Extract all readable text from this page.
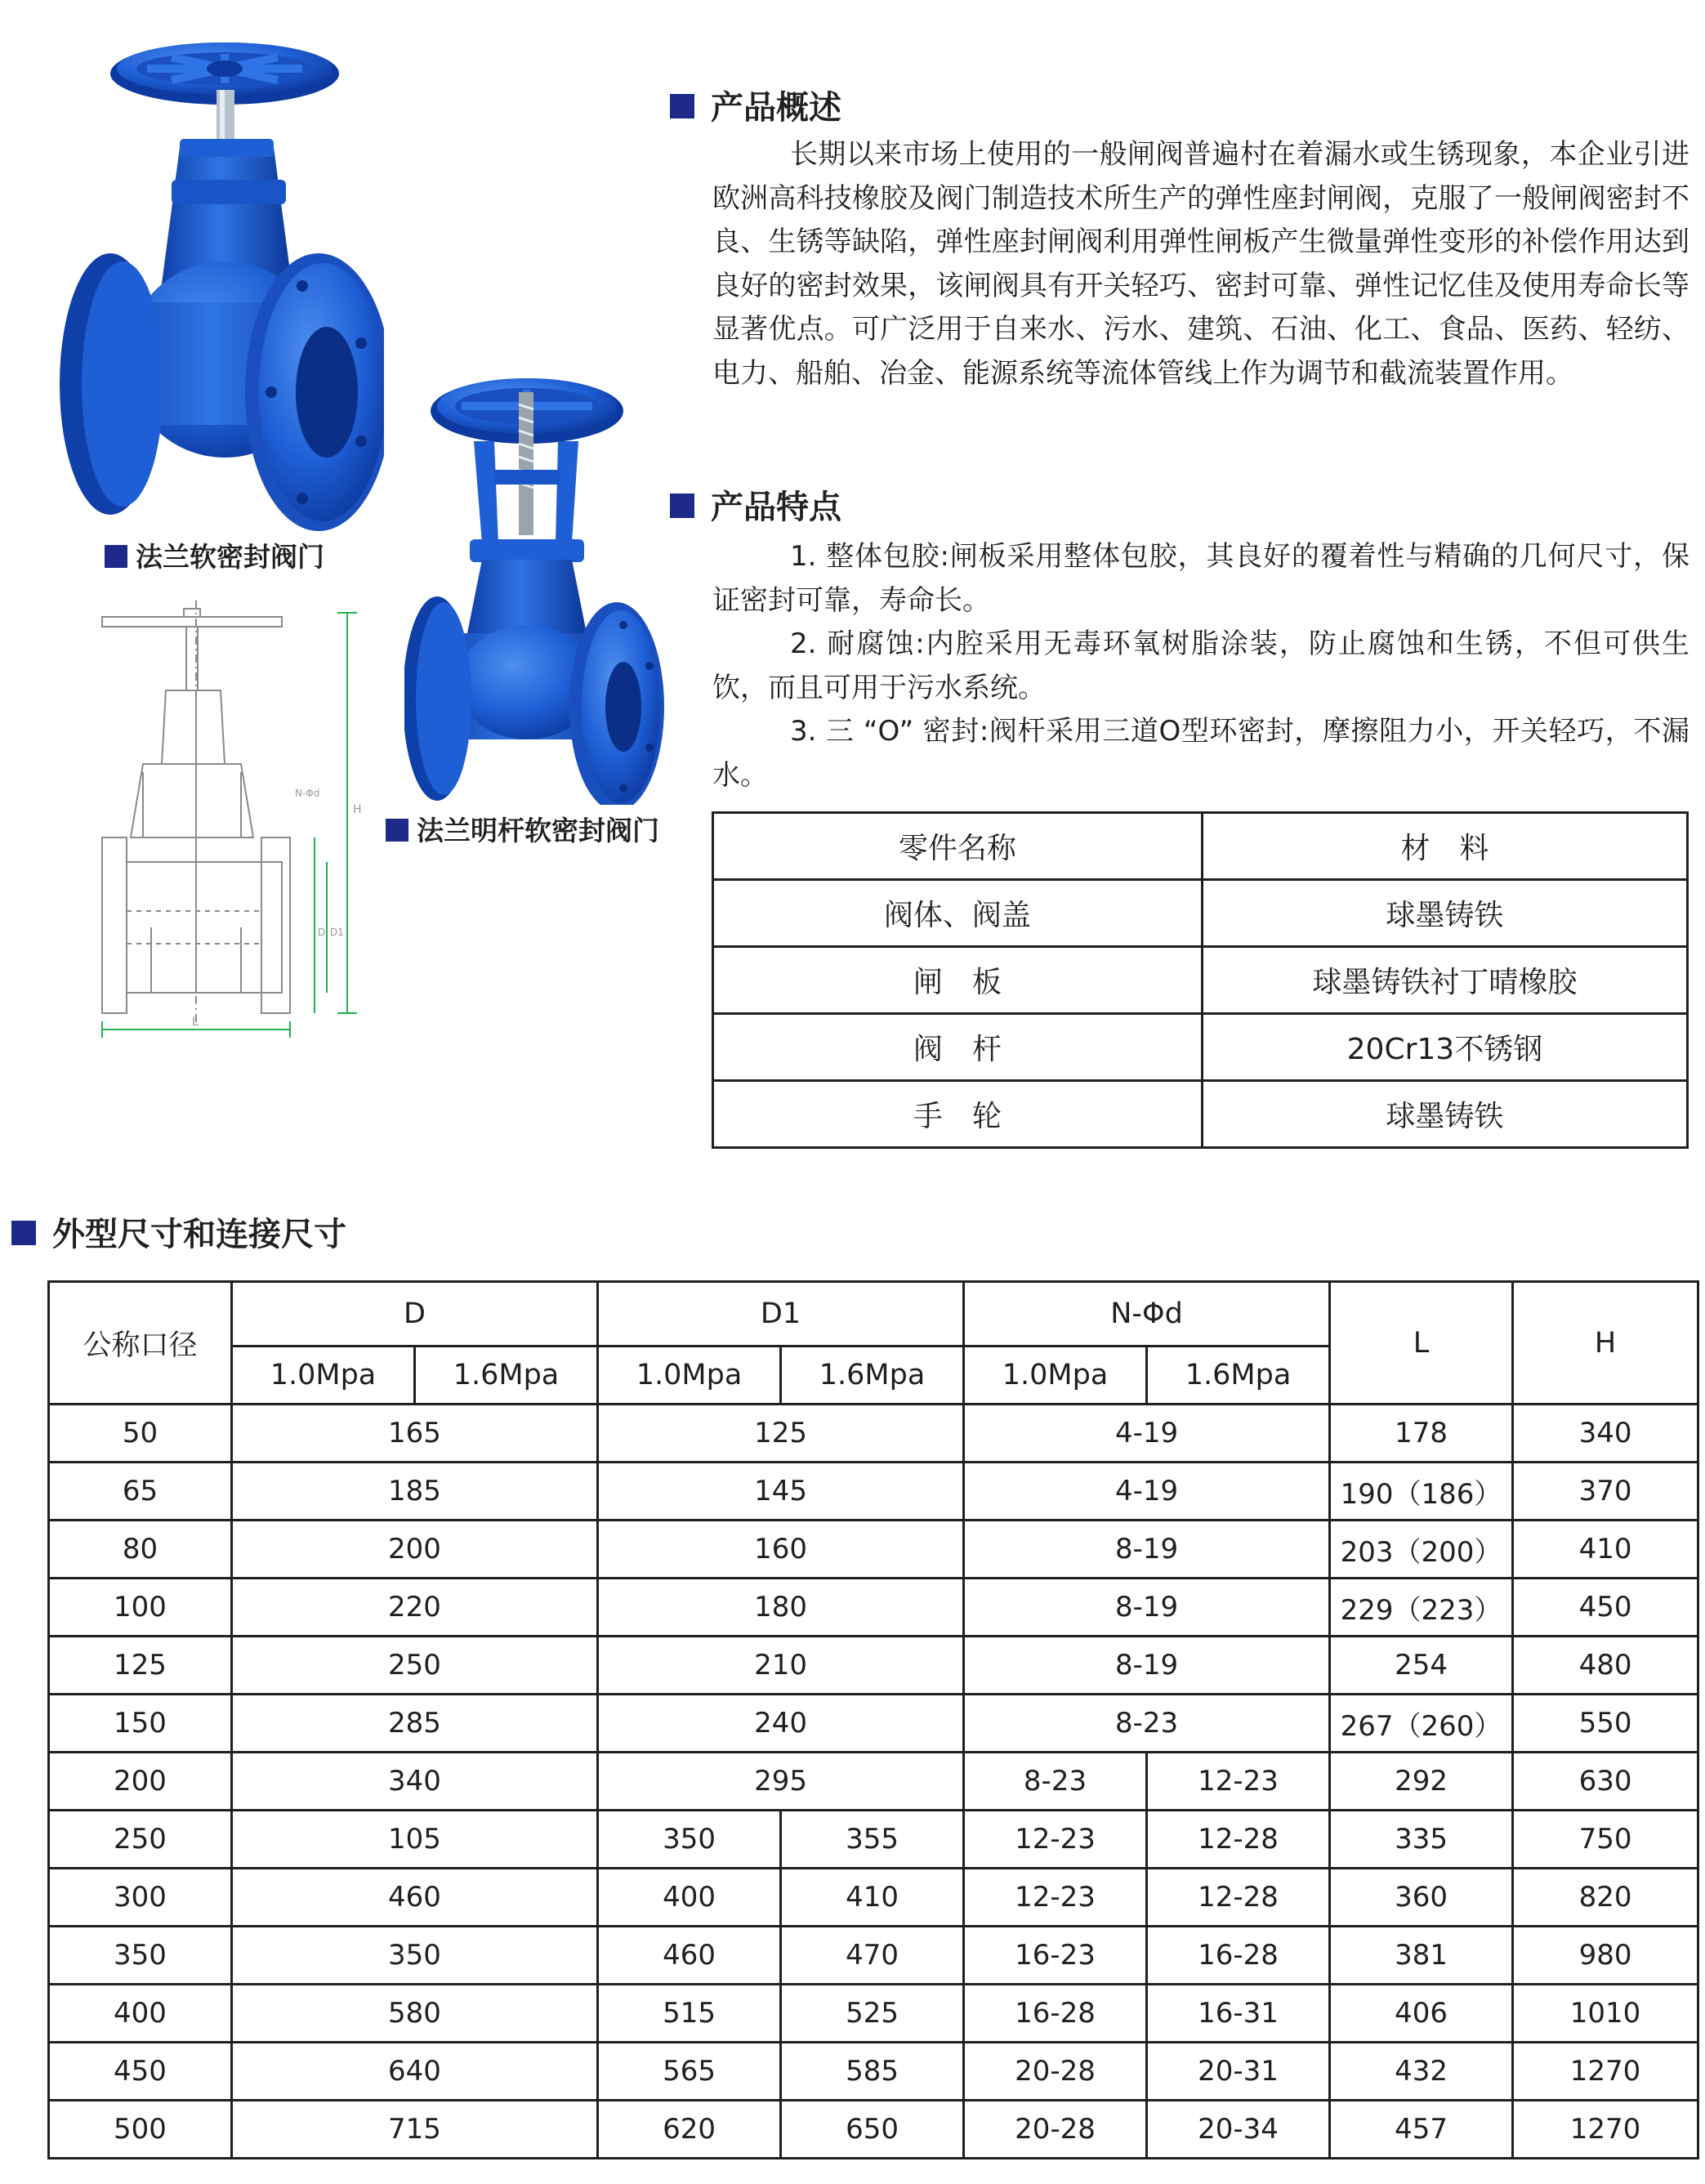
法兰软密封阀门
H
L
N-Φd
D D1
法兰明杆软密封阀门
产品概述

长期以来市场上使用的一般闸阀普遍村在着漏水或生锈现象，本企业引进欧洲高科技橡胶及阀门制造技术所生产的弹性座封闸阀，克服了一般闸阀密封不良、生锈等缺陷，弹性座封闸阀利用弹性闸板产生微量弹性变形的补偿作用达到良好的密封效果，该闸阀具有开关轻巧、密封可靠、弹性记忆佳及使用寿命长等显著优点。可广泛用于自来水、污水、建筑、石油、化工、食品、医药、轻纺、电力、船舶、冶金、能源系统等流体管线上作为调节和截流装置作用。

产品特点

1. 整体包胶:闸板采用整体包胶，其良好的覆着性与精确的几何尺寸，保证密封可靠，寿命长。

2. 耐腐蚀:内腔采用无毒环氧树脂涂装，防止腐蚀和生锈，不但可供生饮，而且可用于污水系统。

3. 三 “O” 密封:阀杆采用三道O型环密封，摩擦阻力小，开关轻巧，不漏水。

零件名称	材　料
阀体、阀盖	球墨铸铁
闸　板	球墨铸铁衬丁晴橡胶
阀　杆	20Cr13不锈钢
手　轮	球墨铸铁
外型尺寸和连接尺寸
公称口径	D		D1		N-Φd		L	H
	1.0Mpa	1.6Mpa	1.0Mpa	1.6Mpa	1.0Mpa	1.6Mpa		
50	165		125		4-19		178	340
65	185		145		4-19		190（186）	370
80	200		160		8-19		203（200）	410
100	220		180		8-19		229（223）	450
125	250		210		8-19		254	480
150	285		240		8-23		267（260）	550
200	340		295		8-23	12-23	292	630
250	105		350	355	12-23	12-28	335	750
300	460		400	410	12-23	12-28	360	820
350	350		460	470	16-23	16-28	381	980
400	580		515	525	16-28	16-31	406	1010
450	640		565	585	20-28	20-31	432	1270
500	715		620	650	20-28	20-34	457	1270
